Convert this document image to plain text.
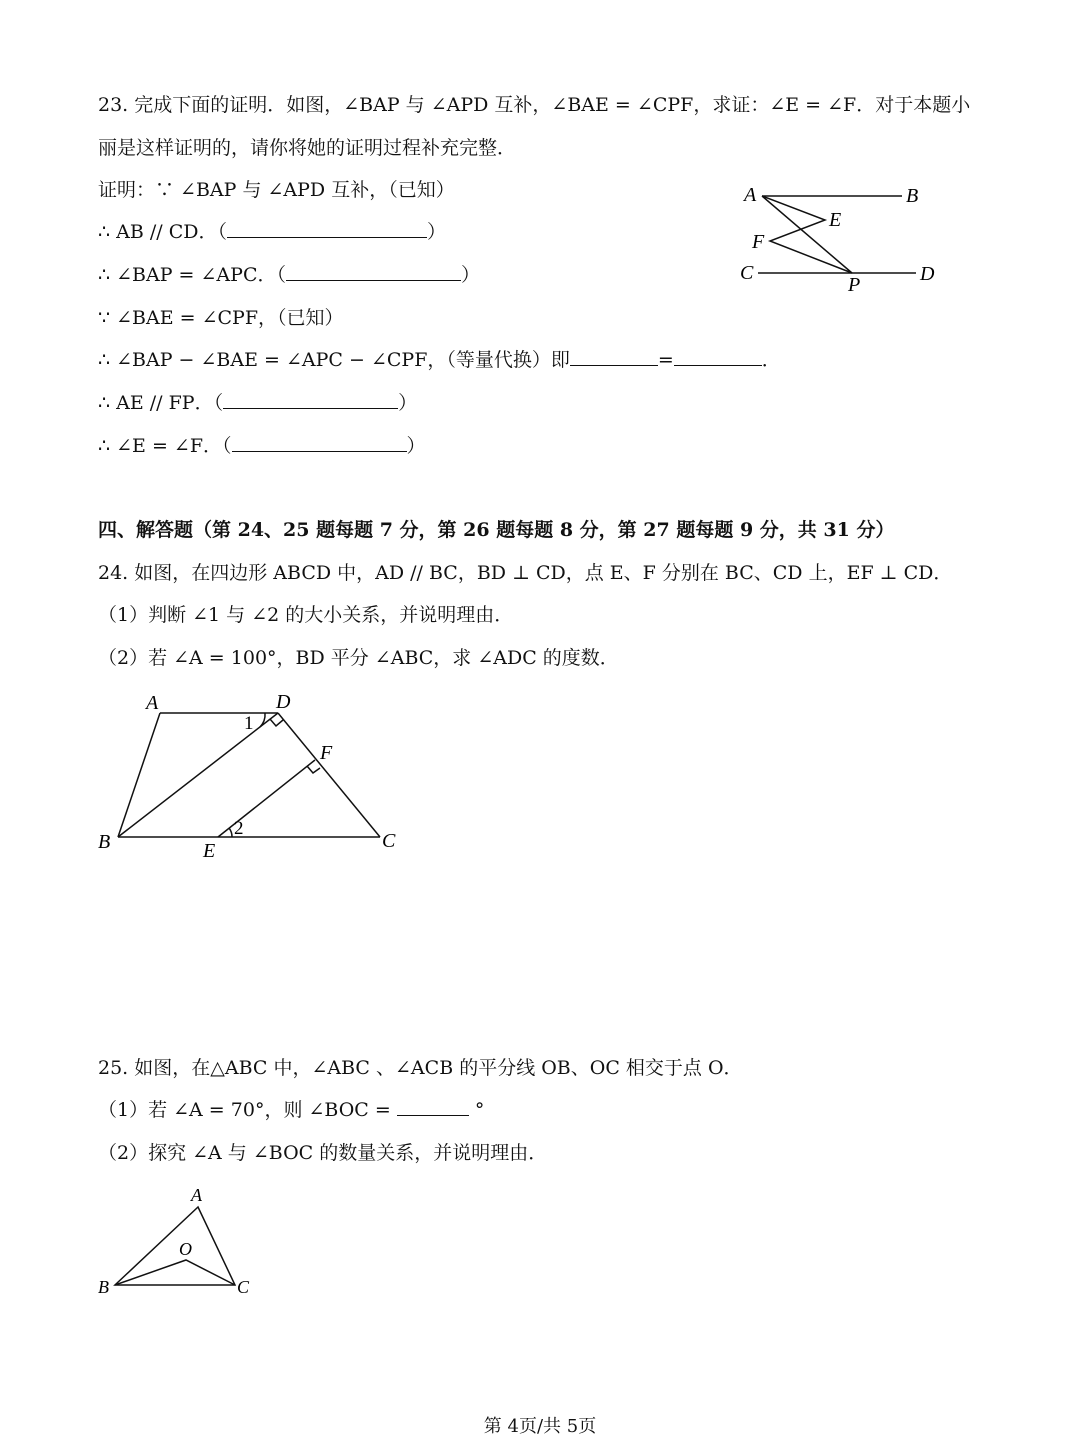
23. 完成下面的证明．如图，∠BAP 与 ∠APD 互补，∠BAE = ∠CPF，求证：∠E = ∠F．对于本题小
丽是这样证明的，请你将她的证明过程补充完整．
证明：∵ ∠BAP 与 ∠APD 互补，（已知）
∴ AB // CD．（	）
∴ ∠BAP = ∠APC．（	）
∵ ∠BAE = ∠CPF，（已知）
∴ ∠BAP − ∠BAE = ∠APC − ∠CPF，（等量代换）即	=	．
∴ AE // FP．（	）
∴ ∠E = ∠F．（	）
A	B
E
F
C
P	D
四、解答题（第 24、25 题每题 7 分，第 26 题每题 8 分，第 27 题每题 9 分，共 31 分）
24. 如图，在四边形 ABCD 中，AD // BC，BD ⊥ CD，点 E、F 分别在 BC、CD 上，EF ⊥ CD．
（1）判断 ∠1 与 ∠2 的大小关系，并说明理由．
（2）若 ∠A = 100°，BD 平分 ∠ABC，求 ∠ADC 的度数．
A	D
F
B	E	C
1
2
25. 如图，在△ABC 中，∠ABC 、∠ACB 的平分线 OB、OC 相交于点 O．
（1）若 ∠A = 70°，则 ∠BOC =	°
（2）探究 ∠A 与 ∠BOC 的数量关系，并说明理由．
A
O
B	C
第 4页/共 5页
